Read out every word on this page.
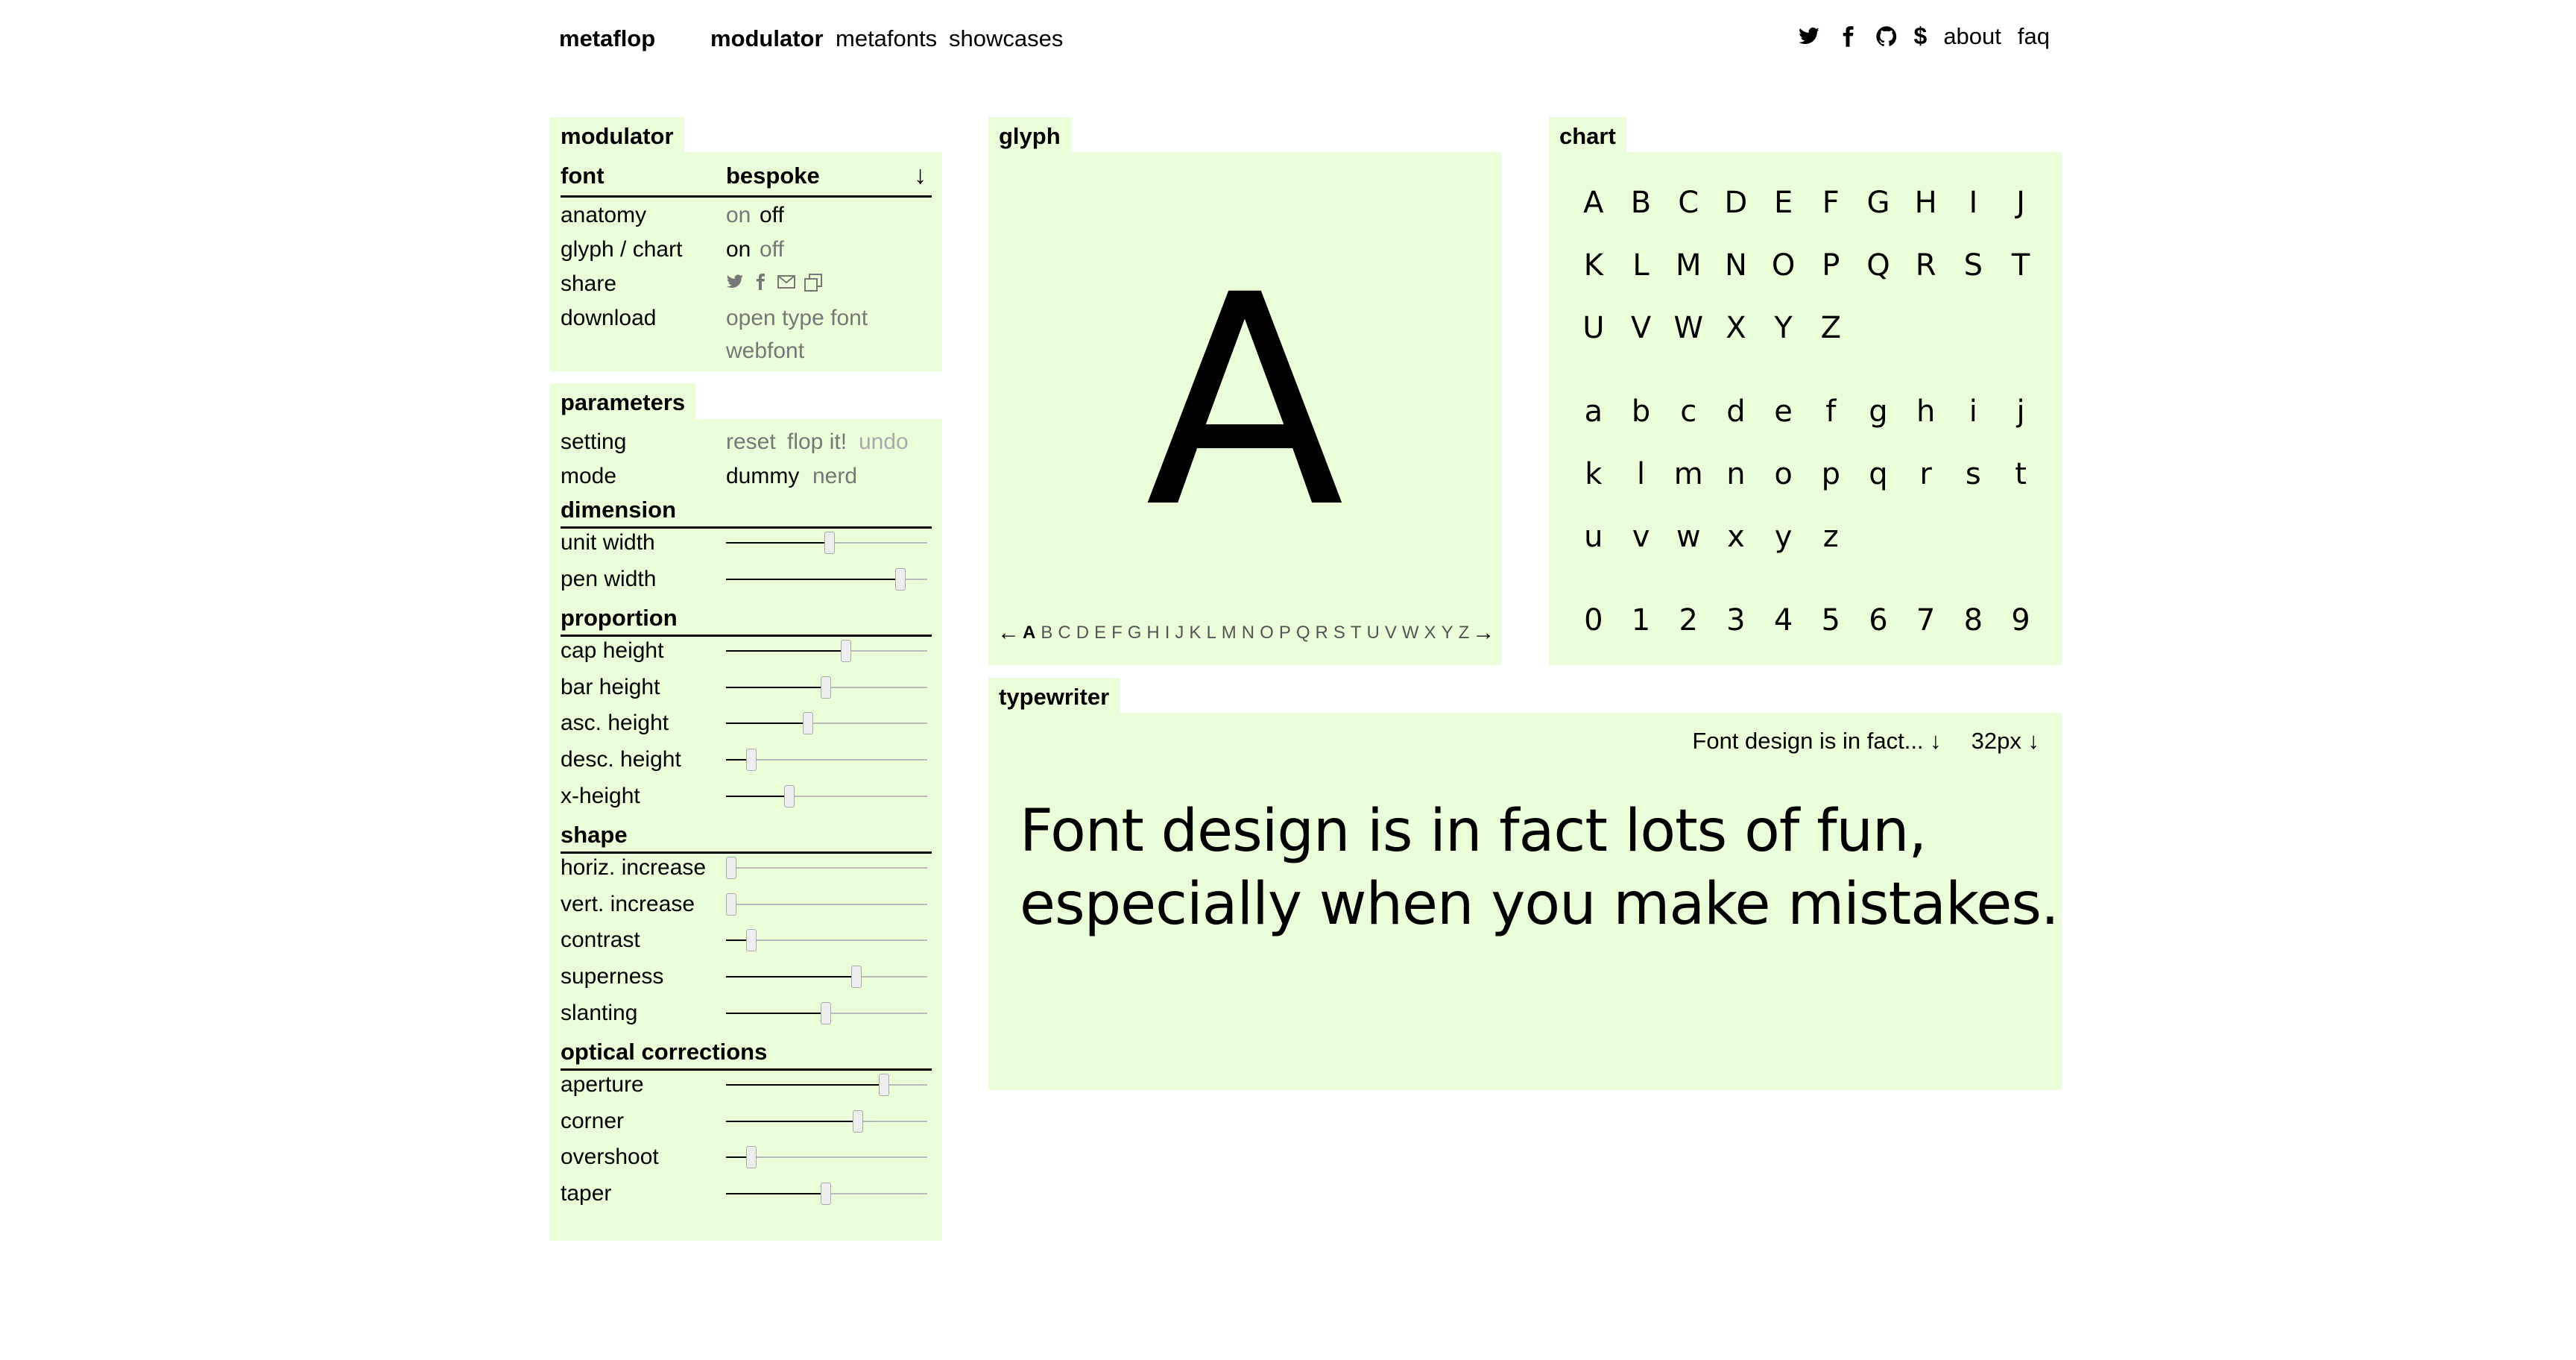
metaflop modulator metafonts showcases	$ about faq
modulator
font	bespoke	↓
anatomy	on off
glyph / chart on off
share
download	open type font
webfont
parameters
setting	reset flop it! undo
mode	dummy nerd
dimension
unit width
pen width
proportion
cap height
bar height
asc. height
desc. height
x-height
shape
horiz. increase
vert. increase
contrast
superness
slanting
optical corrections
aperture
corner
overshoot
taper
glyph
A
← A B C D E F G H I J K L M N O P Q R S T U V W X Y Z →
chart
A B C D E F G H	I	J
K L M N O P Q R S T
U V W X Y Z
a b	c d e	f	g h	i	j
k	l m n o p q	r	s	t
u v w x	y	z
0 1 2 3 4 5 6 7 8 9
typewriter
Font design is in fact... ↓ 32px ↓
Font design is in fact lots of fun,
especially when you make mistakes.
